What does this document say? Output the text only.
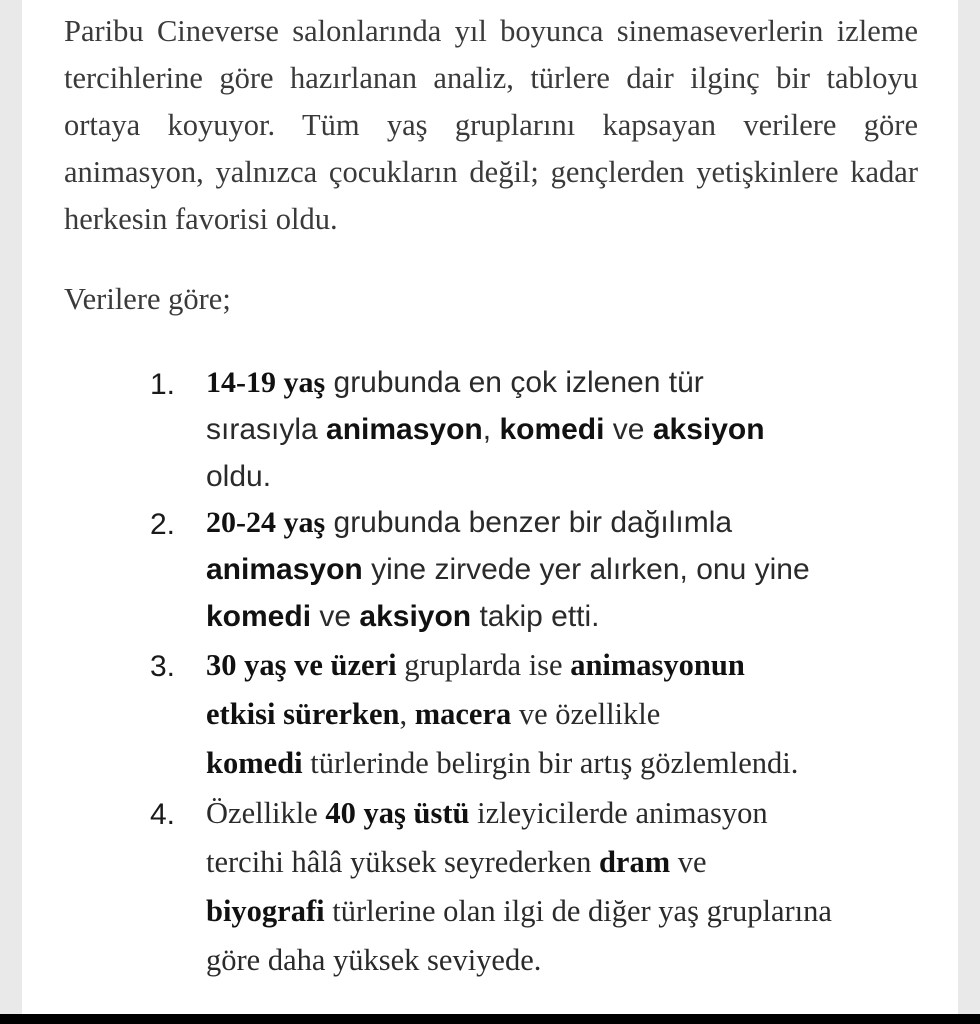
Paribu Cineverse salonlarında yıl boyunca sinemaseverlerin izleme tercihlerine göre hazırlanan analiz, türlere dair ilginç bir tabloyu ortaya koyuyor. Tüm yaş gruplarını kapsayan verilere göre animasyon, yalnızca çocukların değil; gençlerden yetişkinlere kadar herkesin favorisi oldu.

Verilere göre;

1.	14-19 yaş grubunda en çok izlenen tür
sırasıyla animasyon, komedi ve aksiyon
oldu.
2.	20-24 yaş grubunda benzer bir dağılımla
animasyon yine zirvede yer alırken, onu yine
komedi ve aksiyon takip etti.
3.	30 yaş ve üzeri gruplarda ise animasyonun
etkisi sürerken, macera ve özellikle
komedi türlerinde belirgin bir artış gözlemlendi.
4.	Özellikle 40 yaş üstü izleyicilerde animasyon
tercihi hâlâ yüksek seyrederken dram ve
biyografi türlerine olan ilgi de diğer yaş gruplarına
göre daha yüksek seviyede.
